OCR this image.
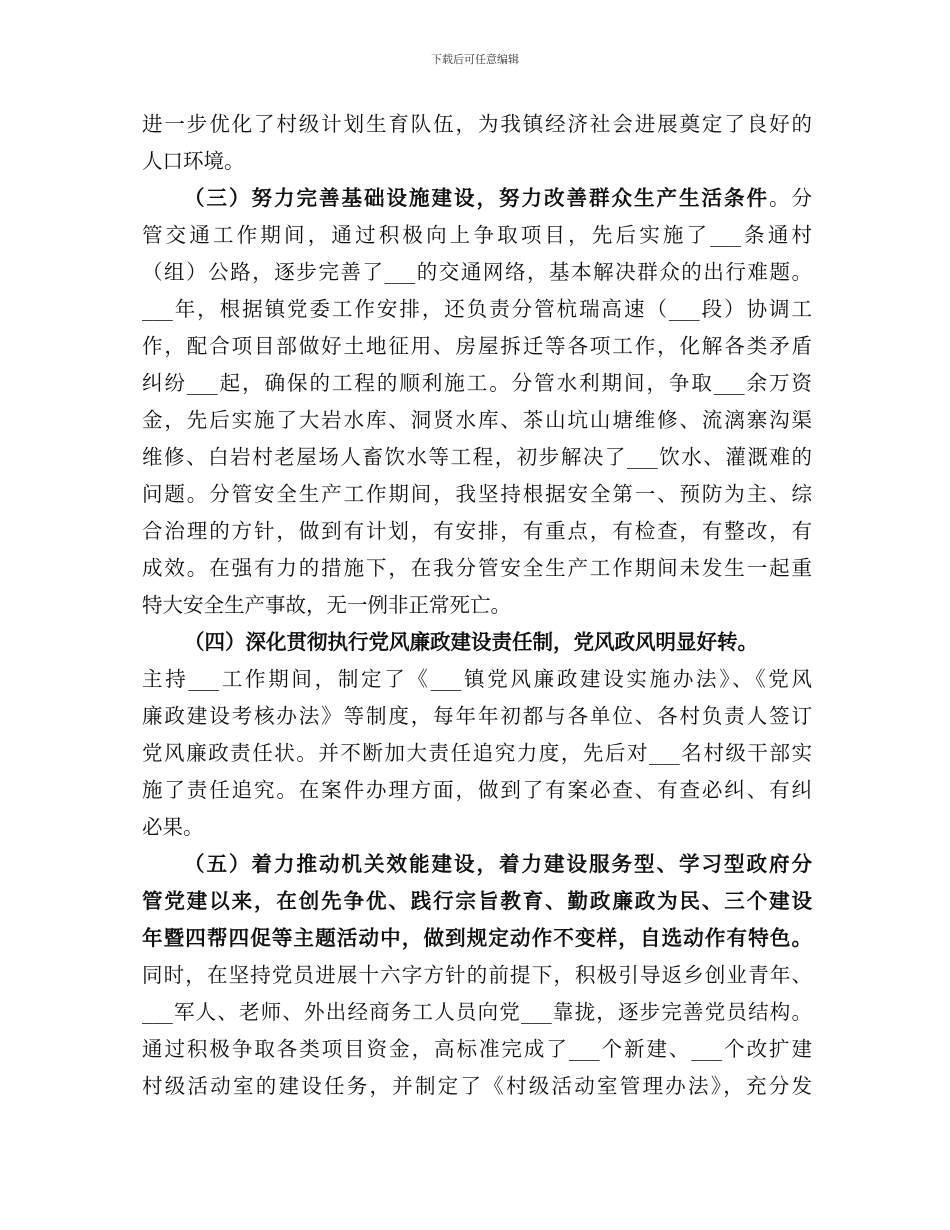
下载后可任意编辑
进一步优化了村级计划生育队伍，为我镇经济社会进展奠定了良好的
人口环境。
（三）努力完善基础设施建设，努力改善群众生产生活条件。分
管交通工作期间，通过积极向上争取项目，先后实施了___条通村
（组）公路，逐步完善了___的交通网络，基本解决群众的出行难题。
___年，根据镇党委工作安排，还负责分管杭瑞高速（___段）协调工
作，配合项目部做好土地征用、房屋拆迁等各项工作，化解各类矛盾
纠纷___起，确保的工程的顺利施工。分管水利期间，争取___余万资
金，先后实施了大岩水库、洞贤水库、茶山坑山塘维修、流漓寨沟渠
维修、白岩村老屋场人畜饮水等工程，初步解决了___饮水、灌溉难的
问题。分管安全生产工作期间，我坚持根据安全第一、预防为主、综
合治理的方针，做到有计划，有安排，有重点，有检查，有整改，有
成效。在强有力的措施下，在我分管安全生产工作期间未发生一起重
特大安全生产事故，无一例非正常死亡。
（四）深化贯彻执行党风廉政建设责任制，党风政风明显好转。
主持___工作期间，制定了《___镇党风廉政建设实施办法》、《党风
廉政建设考核办法》等制度，每年年初都与各单位、各村负责人签订
党风廉政责任状。并不断加大责任追究力度，先后对___名村级干部实
施了责任追究。在案件办理方面，做到了有案必查、有查必纠、有纠
必果。
（五）着力推动机关效能建设，着力建设服务型、学习型政府分
管党建以来，在创先争优、践行宗旨教育、勤政廉政为民、三个建设
年暨四帮四促等主题活动中，做到规定动作不变样，自选动作有特色。
同时，在坚持党员进展十六字方针的前提下，积极引导返乡创业青年、
___军人、老师、外出经商务工人员向党___靠拢，逐步完善党员结构。
通过积极争取各类项目资金，高标准完成了___个新建、___个改扩建
村级活动室的建设任务，并制定了《村级活动室管理办法》，充分发
